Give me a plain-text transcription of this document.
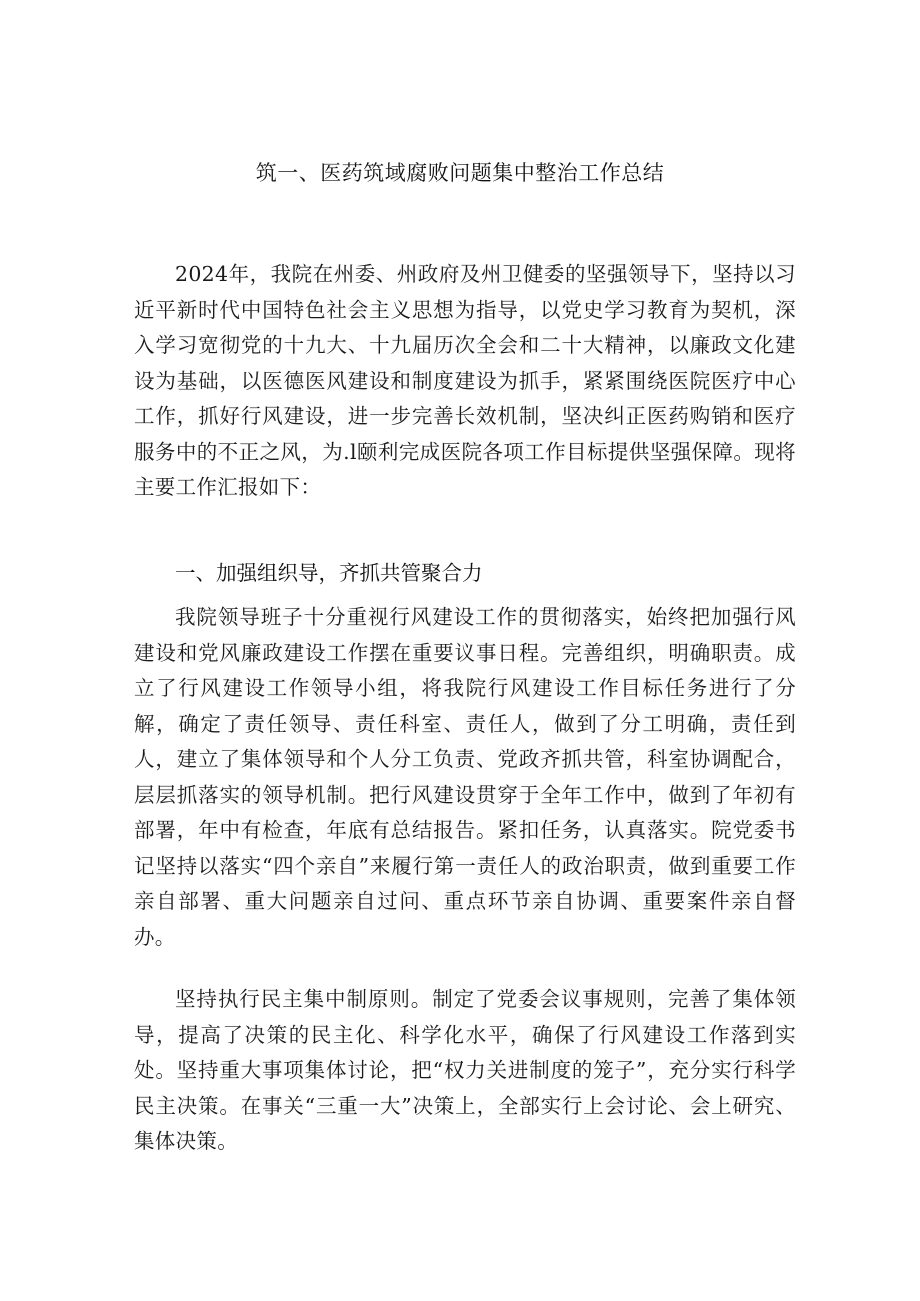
筑一、医药筑域腐败问题集中整治工作总结

2024年，我院在州委、州政府及州卫健委的坚强领导下，坚持以习近平新时代中国特色社会主义思想为指导，以党史学习教育为契机，深入学习宽彻党的十九大、十九届历次全会和二十大精神，以廉政文化建设为基础，以医德医风建设和制度建设为抓手，紧紧围绕医院医疗中心工作，抓好行风建设，进一步完善长效机制，坚决纠正医药购销和医疗服务中的不正之风，为.l颐利完成医院各项工作目标提供坚强保障。现将主要工作汇报如下：

一、加强组织导，齐抓共管聚合力

我院领导班子十分重视行风建设工作的贯彻落实，始终把加强行风建设和党风廉政建设工作摆在重要议事日程。完善组织，明确职责。成立了行风建设工作领导小组，将我院行风建设工作目标任务进行了分解，确定了责任领导、责任科室、责任人，做到了分工明确，责任到人，建立了集体领导和个人分工负责、党政齐抓共管，科室协调配合，层层抓落实的领导机制。把行风建设贯穿于全年工作中，做到了年初有部署，年中有检查，年底有总结报告。紧扣任务，认真落实。院党委书记坚持以落实“四个亲自”来履行第一责任人的政治职责，做到重要工作亲自部署、重大问题亲自过问、重点环节亲自协调、重要案件亲自督办。

坚持执行民主集中制原则。制定了党委会议事规则，完善了集体领导，提高了决策的民主化、科学化水平，确保了行风建设工作落到实处。坚持重大事项集体讨论，把“权力关进制度的笼子”，充分实行科学民主决策。在事关“三重一大”决策上，全部实行上会讨论、会上研究、集体决策。
